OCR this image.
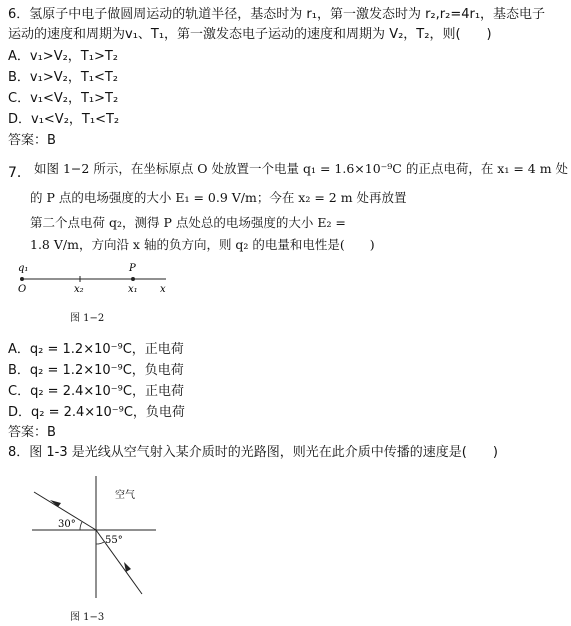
6．氢原子中电子做圆周运动的轨道半径，基态时为 r₁，第一激发态时为 r₂,r₂=4r₁，基态电子
运动的速度和周期为v₁、T₁，第一激发态电子运动的速度和周期为 V₂，T₂，则(　　)
A．v₁>V₂，T₁>T₂
B．v₁>V₂，T₁<T₂
C．v₁<V₂，T₁>T₂
D．v₁<V₂，T₁<T₂
答案：B
7． 如图 1−2 所示，在坐标原点 O 处放置一个电量 q₁ = 1.6×10⁻⁹C 的正点电荷，在 x₁ = 4 m 处
的 P 点的电场强度的大小 E₁ = 0.9 V/m；今在 x₂ = 2 m 处再放置
第二个点电荷 q₂，测得 P 点处总的电场强度的大小 E₂ =
1.8 V/m，方向沿 x 轴的负方向，则 q₂ 的电量和电性是(　　)
q₁	P
O	x₂	x₁ x
图 1−2
A．q₂ = 1.2×10⁻⁹C，正电荷
B．q₂ = 1.2×10⁻⁹C，负电荷
C．q₂ = 2.4×10⁻⁹C，正电荷
D．q₂ = 2.4×10⁻⁹C，负电荷
答案：B
8．图 1-3 是光线从空气射入某介质时的光路图，则光在此介质中传播的速度是(　　)
空气
30°
55°
图 1−3
